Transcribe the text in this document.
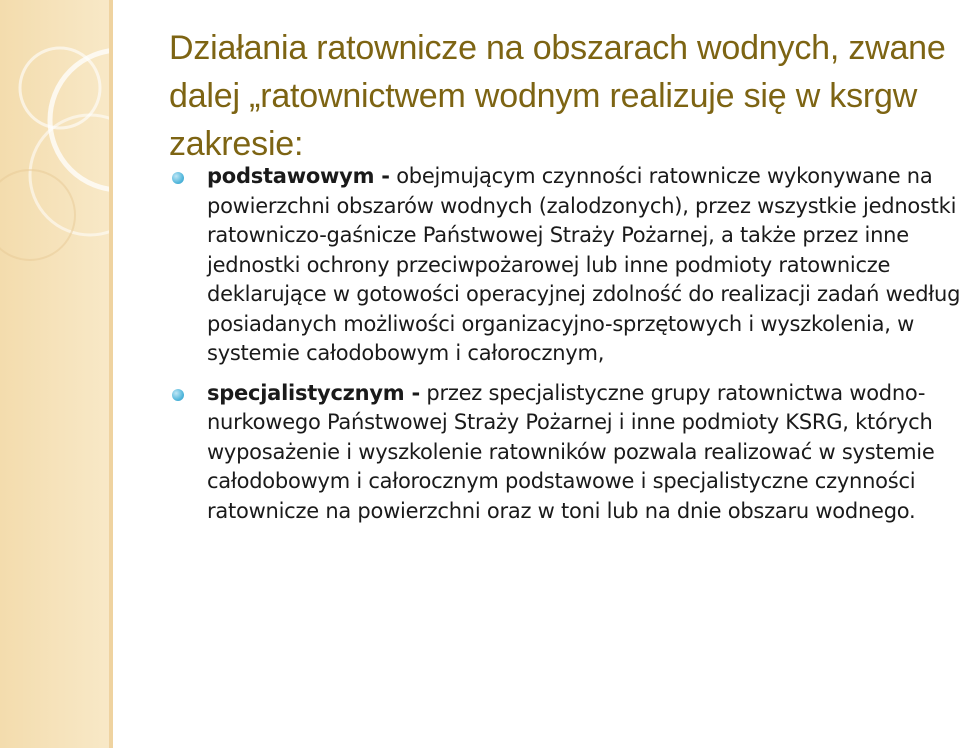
Działania ratownicze na obszarach wodnych, zwane dalej „ratownictwem wodnym realizuje się w ksrgw zakresie:
podstawowym - obejmującym czynności ratownicze wykonywane na powierzchni obszarów wodnych (zalodzonych), przez wszystkie jednostki ratowniczo-gaśnicze Państwowej Straży Pożarnej, a także przez inne jednostki ochrony przeciwpożarowej lub inne podmioty ratownicze deklarujące w gotowości operacyjnej zdolność do realizacji zadań według posiadanych możliwości organizacyjno-sprzętowych i wyszkolenia, w systemie całodobowym i całorocznym,
specjalistycznym - przez specjalistyczne grupy ratownictwa wodno-nurkowego Państwowej Straży Pożarnej i inne podmioty KSRG, których wyposażenie i wyszkolenie ratowników pozwala realizować w systemie całodobowym i całorocznym podstawowe i specjalistyczne czynności ratownicze na powierzchni oraz w toni lub na dnie obszaru wodnego.
